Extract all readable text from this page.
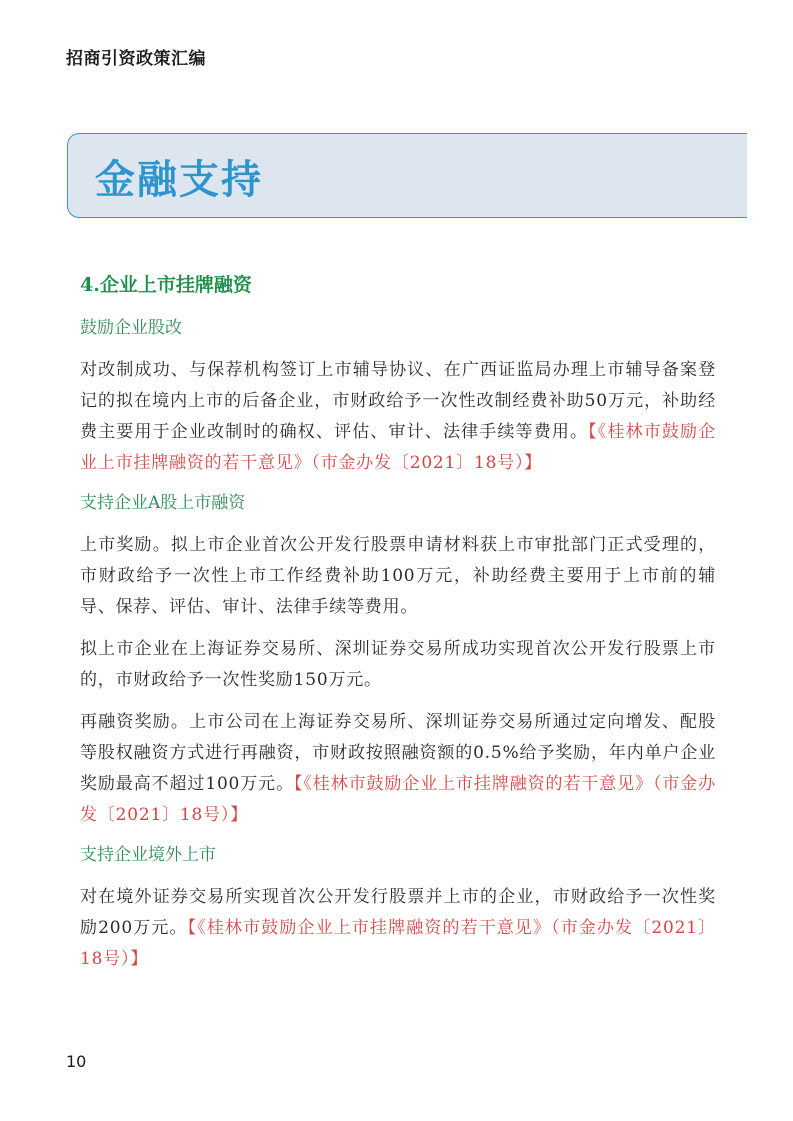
招商引资政策汇编
金融支持
4.企业上市挂牌融资
鼓励企业股改

对改制成功、与保荐机构签订上市辅导协议、在广西证监局办理上市辅导备案登记的拟在境内上市的后备企业，市财政给予一次性改制经费补助50万元，补助经费主要用于企业改制时的确权、评估、审计、法律手续等费用。【《桂林市鼓励企业上市挂牌融资的若干意见》（市金办发〔2021〕18号）】

支持企业A股上市融资

上市奖励。拟上市企业首次公开发行股票申请材料获上市审批部门正式受理的，市财政给予一次性上市工作经费补助100万元，补助经费主要用于上市前的辅导、保荐、评估、审计、法律手续等费用。

拟上市企业在上海证券交易所、深圳证券交易所成功实现首次公开发行股票上市的，市财政给予一次性奖励150万元。

再融资奖励。上市公司在上海证券交易所、深圳证券交易所通过定向增发、配股等股权融资方式进行再融资，市财政按照融资额的0.5%给予奖励，年内单户企业奖励最高不超过100万元。【《桂林市鼓励企业上市挂牌融资的若干意见》（市金办发〔2021〕18号）】

支持企业境外上市

对在境外证券交易所实现首次公开发行股票并上市的企业，市财政给予一次性奖励200万元。【《桂林市鼓励企业上市挂牌融资的若干意见》（市金办发〔2021〕18号）】

10
